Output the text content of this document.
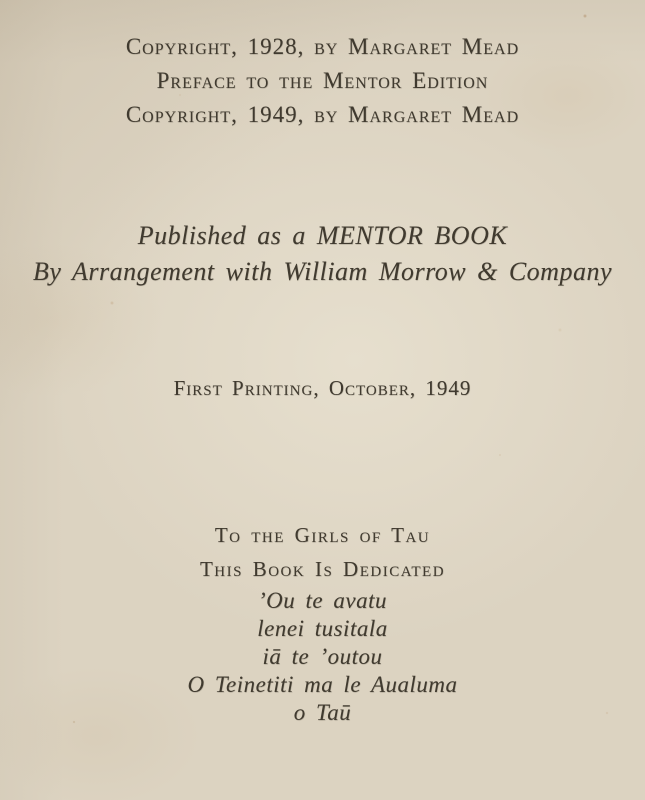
Copyright, 1928, by Margaret Mead
Preface to the Mentor Edition
Copyright, 1949, by Margaret Mead
Published as a MENTOR BOOK
By Arrangement with William Morrow & Company
First Printing, October, 1949
To the Girls of Tau
This Book Is Dedicated
’Ou te avatu
lenei tusitala
iā te ’outou
O Teinetiti ma le Aualuma
o Taū
